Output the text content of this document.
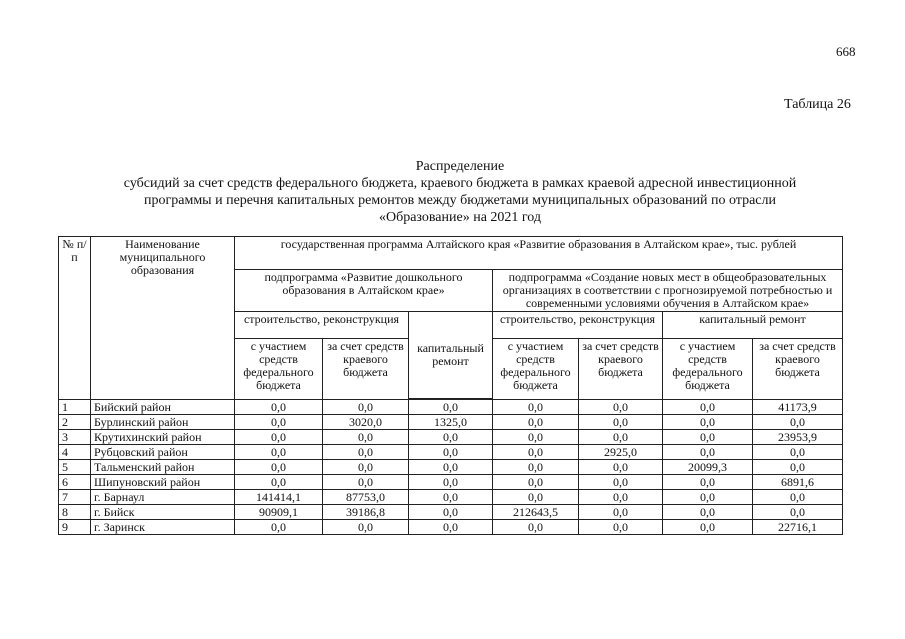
668
Таблица 26
Распределение
субсидий за счет средств федерального бюджета, краевого бюджета в рамках краевой адресной инвестиционной
программы и перечня капитальных ремонтов между бюджетами муниципальных образований по отрасли
«Образование» на 2021 год
№ п/п	Наименование муниципального образования	государственная программа Алтайского края «Развитие образования в Алтайском крае», тыс. рублей						
		подпрограмма «Развитие дошкольного образования в Алтайском крае»			подпрограмма «Создание новых мест в общеобразовательных организациях в соответствии с прогнозируемой потребностью и современными условиями обучения в Алтайском крае»			
		строительство, реконструкция		капитальный ремонт	строительство, реконструкция		капитальный ремонт	
		с участием средств федерального бюджета	за счет средств краевого бюджета		с участием средств федерального бюджета	за счет средств краевого бюджета	с участием средств федерального бюджета	за счет средств краевого бюджета

1	Бийский район	0,0	0,0	0,0	0,0	0,0	0,0	41173,9
2	Бурлинский район	0,0	3020,0	1325,0	0,0	0,0	0,0	0,0
3	Крутихинский район	0,0	0,0	0,0	0,0	0,0	0,0	23953,9
4	Рубцовский район	0,0	0,0	0,0	0,0	2925,0	0,0	0,0
5	Тальменский район	0,0	0,0	0,0	0,0	0,0	20099,3	0,0
6	Шипуновский район	0,0	0,0	0,0	0,0	0,0	0,0	6891,6
7	г. Барнаул	141414,1	87753,0	0,0	0,0	0,0	0,0	0,0
8	г. Бийск	90909,1	39186,8	0,0	212643,5	0,0	0,0	0,0
9	г. Заринск	0,0	0,0	0,0	0,0	0,0	0,0	22716,1
